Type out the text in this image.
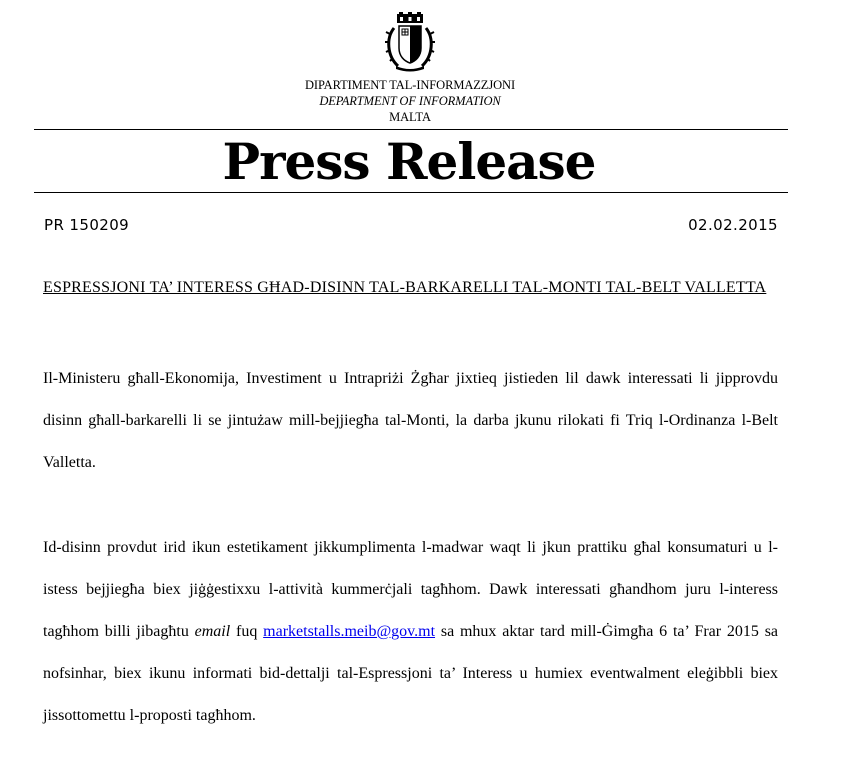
DIPARTIMENT TAL-INFORMAZZJONI
DEPARTMENT OF INFORMATION
MALTA
Press Release
PR 150209	02.02.2015
ESPRESSJONI TA’ INTERESS GĦAD-DISINN TAL-BARKARELLI TAL-MONTI TAL-BELT VALLETTA
Il-Ministeru għall-Ekonomija, Investiment u Intrapriżi Żgħar jixtieq jistieden lil dawk interessati li jipprovdu disinn għall-barkarelli li se jintużaw mill-bejjiegħa tal-Monti, la darba jkunu rilokati fi Triq l-Ordinanza l-Belt Valletta.
Id-disinn provdut irid ikun estetikament jikkumplimenta l-madwar waqt li jkun prattiku għal konsumaturi u l-istess bejjiegħa biex jiġġestixxu l-attività kummerċjali tagħhom. Dawk interessati għandhom juru l-interess tagħhom billi jibagħtu email fuq marketstalls.meib@gov.mt sa mhux aktar tard mill-Ġimgħa 6 ta’ Frar 2015 sa nofsinhar, biex ikunu informati bid-dettalji tal-Espressjoni ta’ Interess u humiex eventwalment eleġibbli biex jissottomettu l-proposti tagħhom.
